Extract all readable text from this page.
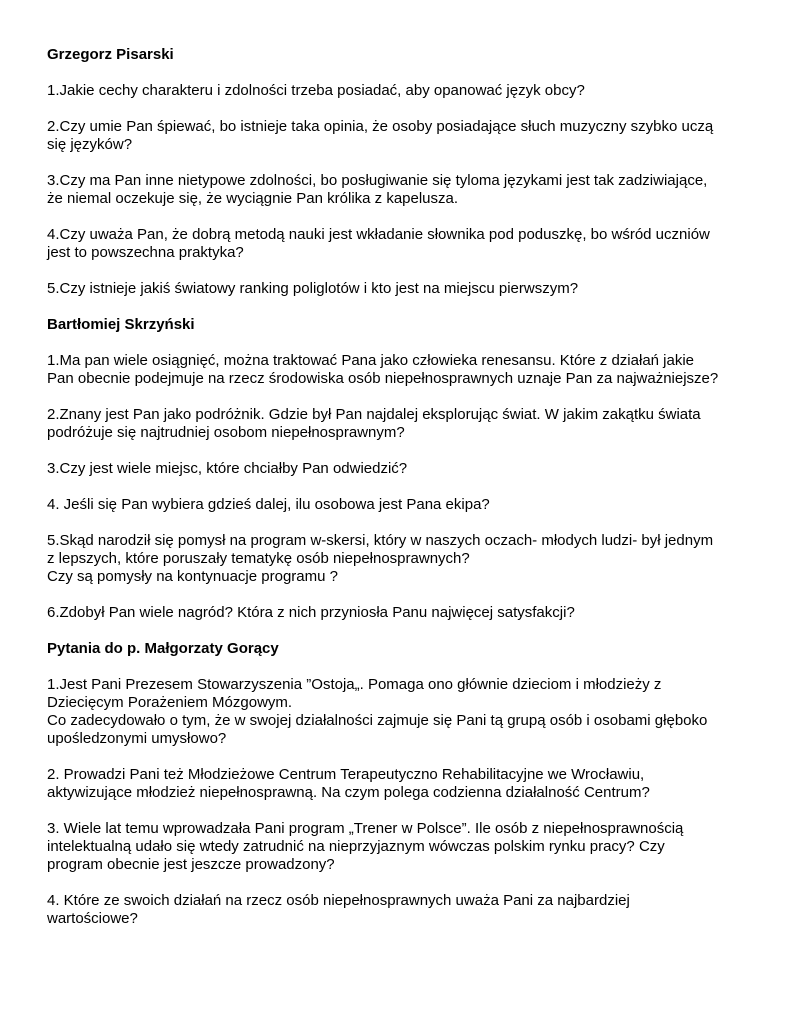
Grzegorz Pisarski
1.Jakie cechy charakteru i zdolności trzeba posiadać, aby opanować język obcy?
2.Czy umie Pan śpiewać, bo istnieje taka opinia, że osoby posiadające słuch muzyczny szybko uczą
się języków?
3.Czy ma Pan inne nietypowe zdolności, bo posługiwanie się tyloma językami jest tak zadziwiające,
że niemal oczekuje się, że wyciągnie Pan królika z kapelusza.
4.Czy uważa Pan, że dobrą metodą nauki jest wkładanie słownika pod poduszkę, bo wśród uczniów
jest to powszechna praktyka?
5.Czy istnieje jakiś światowy ranking poliglotów i kto jest na miejscu pierwszym?
Bartłomiej Skrzyński
1.Ma pan wiele osiągnięć, można traktować Pana jako człowieka renesansu. Które z działań jakie
Pan obecnie podejmuje na rzecz środowiska osób niepełnosprawnych uznaje Pan za najważniejsze?
2.Znany jest Pan jako podróżnik. Gdzie był Pan najdalej eksplorując świat. W jakim zakątku świata
podróżuje się najtrudniej osobom niepełnosprawnym?
3.Czy jest wiele miejsc, które chciałby Pan odwiedzić?
4. Jeśli się Pan wybiera gdzieś dalej, ilu osobowa jest Pana ekipa?
5.Skąd narodził się pomysł na program w-skersi, który w naszych oczach- młodych ludzi- był jednym
z lepszych, które poruszały tematykę osób niepełnosprawnych?
Czy są pomysły na kontynuacje programu ?
6.Zdobył Pan wiele nagród? Która z nich przyniosła Panu najwięcej satysfakcji?
Pytania do p. Małgorzaty Gorący
1.Jest Pani Prezesem Stowarzyszenia ”Ostoja„. Pomaga ono głównie dzieciom i młodzieży z
Dziecięcym Porażeniem Mózgowym.
Co zadecydowało o tym, że w swojej działalności zajmuje się Pani tą grupą osób i osobami głęboko
upośledzonymi umysłowo?
2. Prowadzi Pani też Młodzieżowe Centrum Terapeutyczno Rehabilitacyjne we Wrocławiu,
aktywizujące młodzież niepełnosprawną. Na czym polega codzienna działalność Centrum?
3. Wiele lat temu wprowadzała Pani program „Trener w Polsce”. Ile osób z niepełnosprawnością
intelektualną udało się wtedy zatrudnić na nieprzyjaznym wówczas polskim rynku pracy? Czy
program obecnie jest jeszcze prowadzony?
4. Które ze swoich działań na rzecz osób niepełnosprawnych uważa Pani za najbardziej
wartościowe?
